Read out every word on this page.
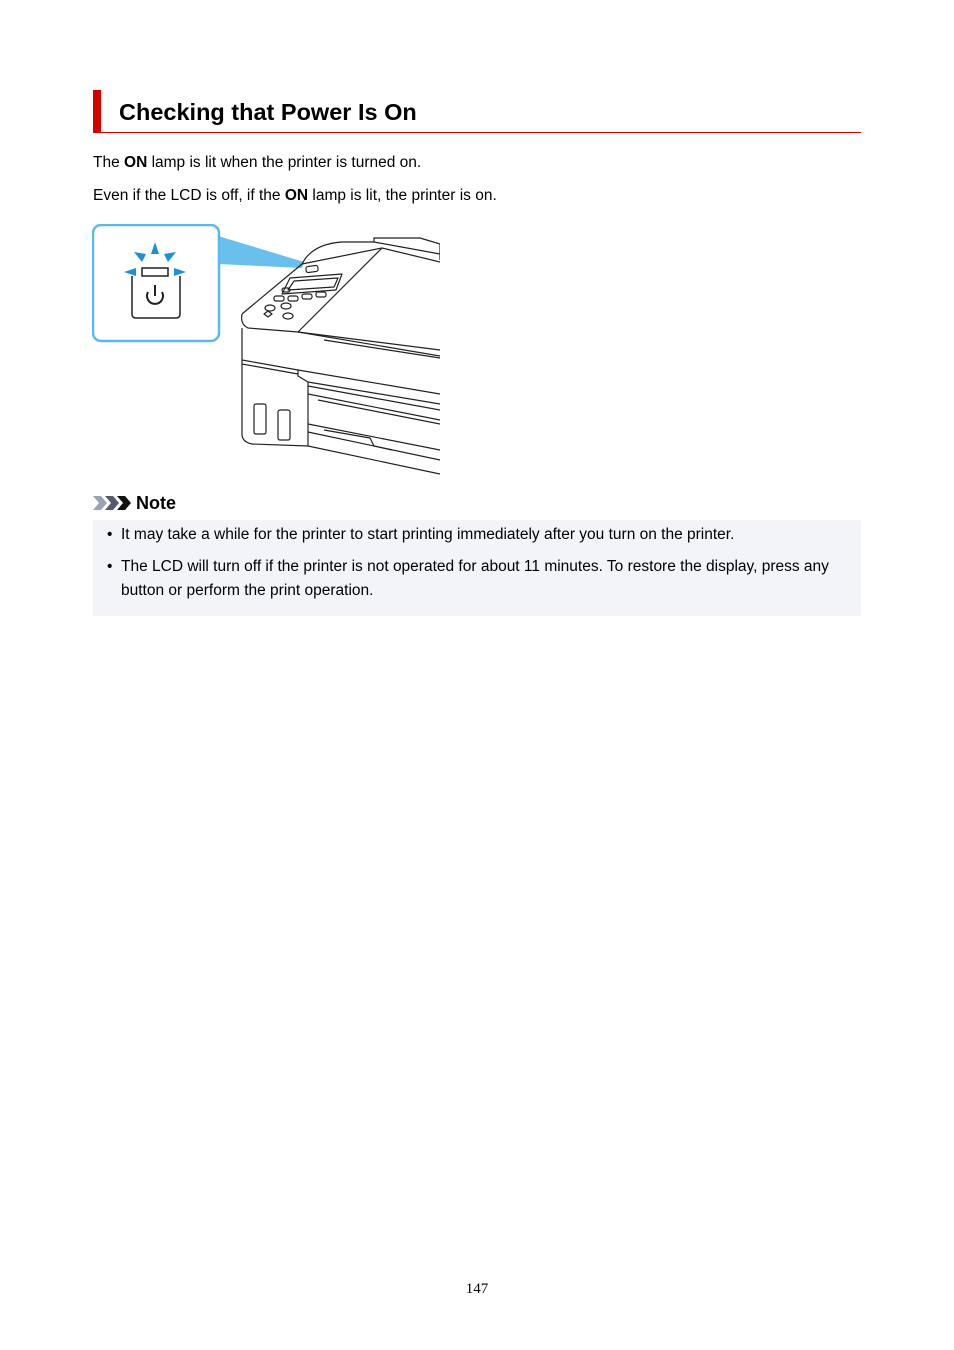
Checking that Power Is On

The ON lamp is lit when the printer is turned on.

Even if the LCD is off, if the ON lamp is lit, the printer is on.

Note
• It may take a while for the printer to start printing immediately after you turn on the printer.
• The LCD will turn off if the printer is not operated for about 11 minutes. To restore the display, press any button or perform the print operation.
147
